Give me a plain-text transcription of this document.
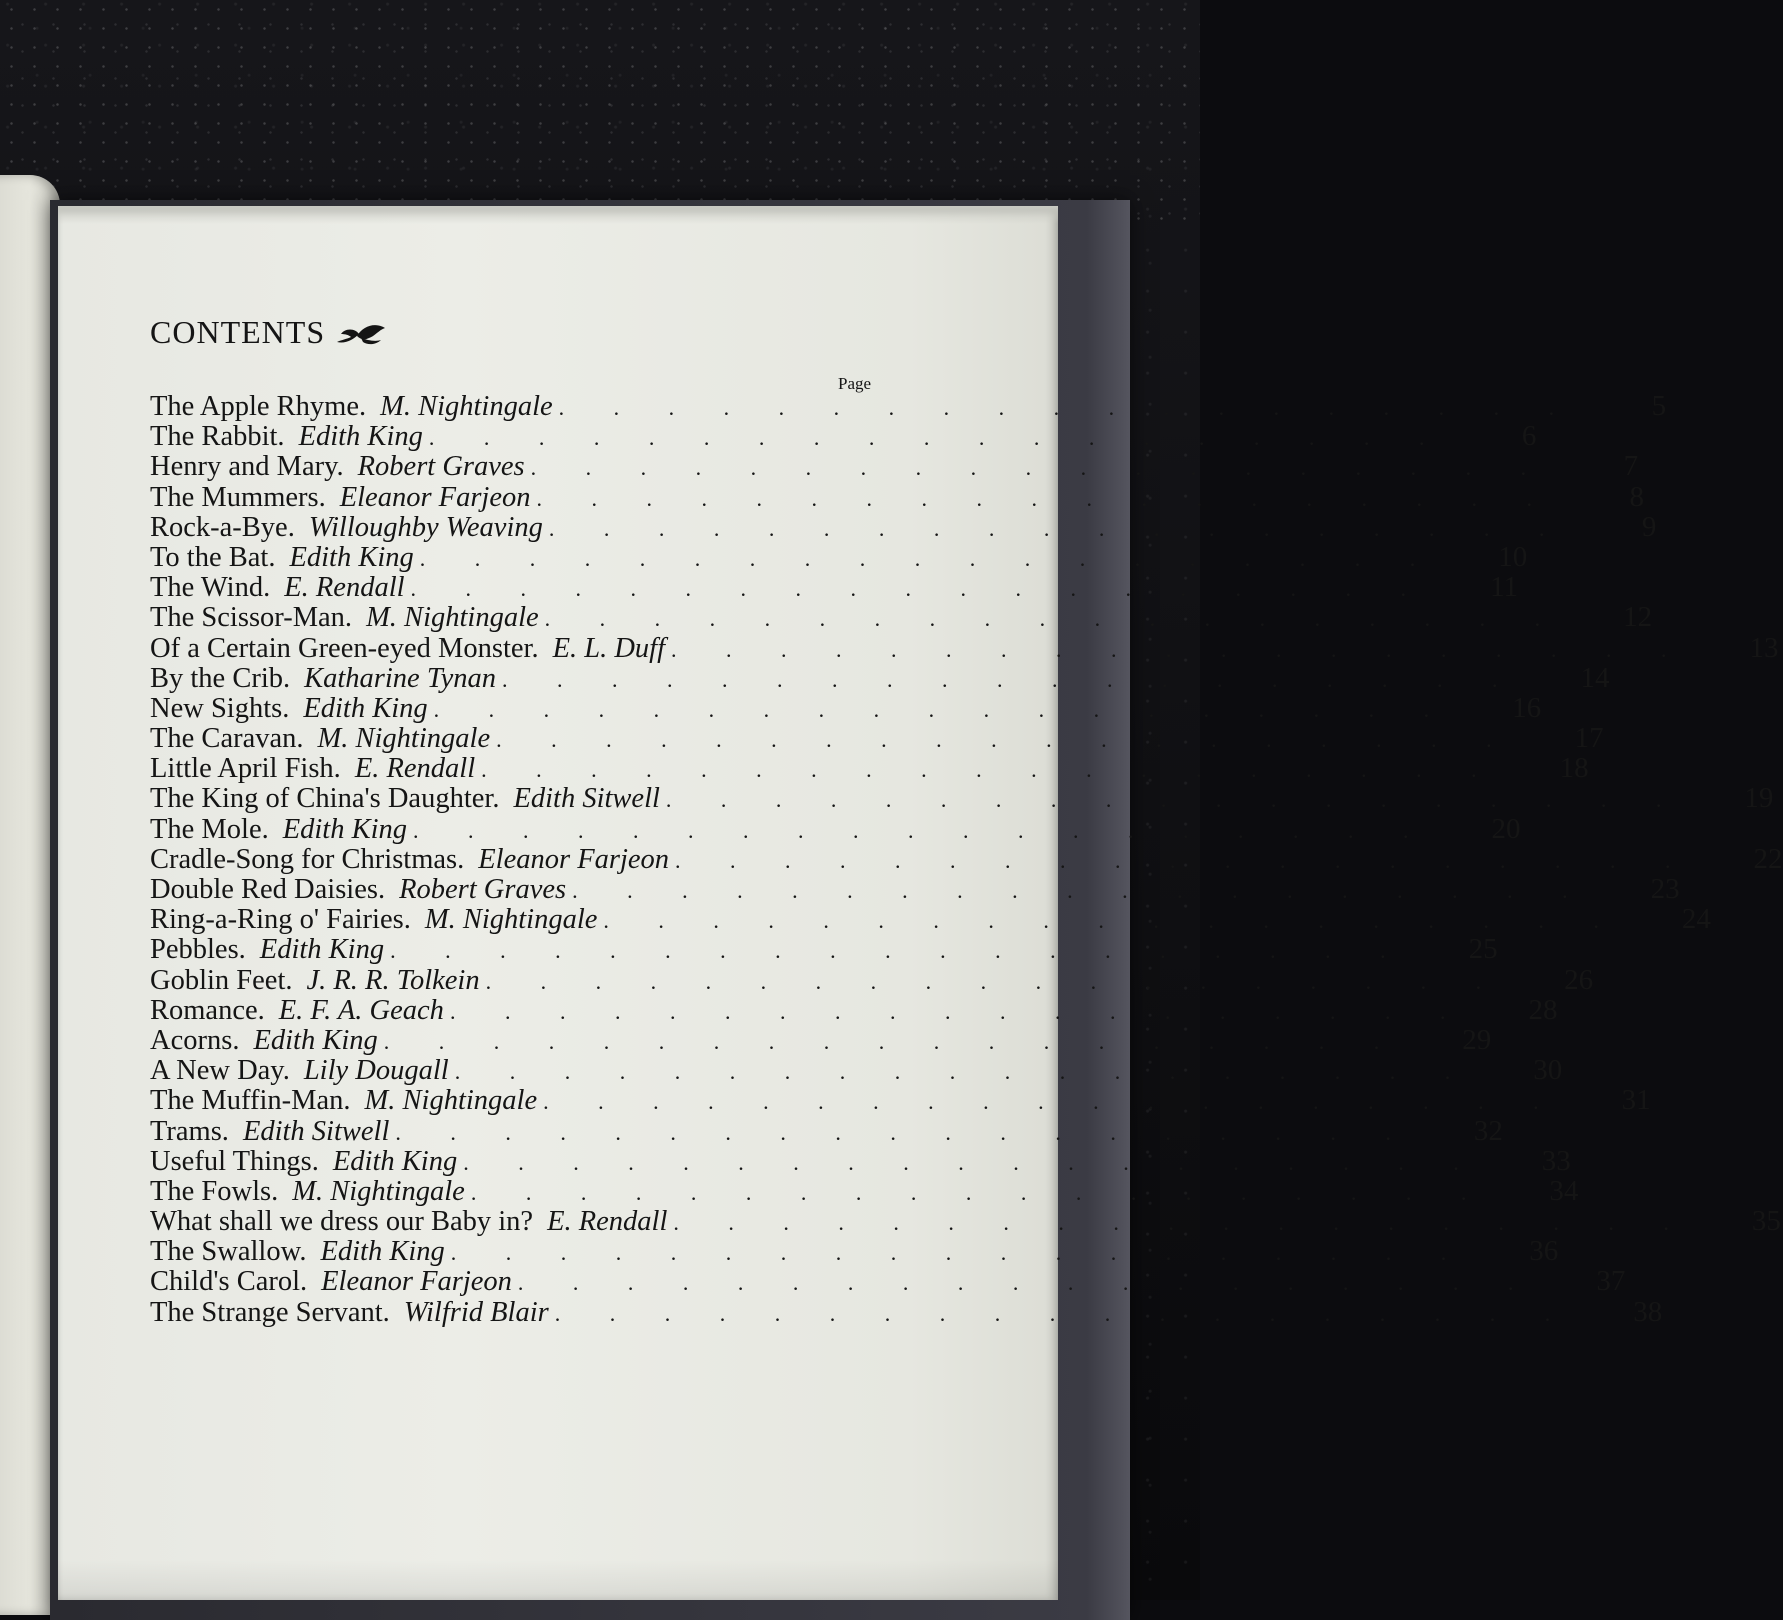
CONTENTS
Page
The Apple Rhyme. M. Nightingale . . . . . . . . . . . . . . . . . . .	5
The Rabbit. Edith King . . . . . . . . . . . . . . . . . . .	6
Henry and Mary. Robert Graves . . . . . . . . . . . . . . . . . . .	7
The Mummers. Eleanor Farjeon . . . . . . . . . . . . . . . . . . .	8
Rock-a-Bye. Willoughby Weaving . . . . . . . . . . . . . . . . . . .	9
To the Bat. Edith King . . . . . . . . . . . . . . . . . . .	10
The Wind. E. Rendall . . . . . . . . . . . . . . . . . . .	11
The Scissor-Man. M. Nightingale . . . . . . . . . . . . . . . . . . .	12
Of a Certain Green-eyed Monster. E. L. Duff . . . . . . . . . . . . . . . . . . .	13
By the Crib. Katharine Tynan . . . . . . . . . . . . . . . . . . .	14
New Sights. Edith King . . . . . . . . . . . . . . . . . . .	16
The Caravan. M. Nightingale . . . . . . . . . . . . . . . . . . .	17
Little April Fish. E. Rendall . . . . . . . . . . . . . . . . . . .	18
The King of China's Daughter. Edith Sitwell . . . . . . . . . . . . . . . . . . .	19
The Mole. Edith King . . . . . . . . . . . . . . . . . . .	20
Cradle-Song for Christmas. Eleanor Farjeon . . . . . . . . . . . . . . . . . . .	22
Double Red Daisies. Robert Graves . . . . . . . . . . . . . . . . . . .	23
Ring-a-Ring o' Fairies. M. Nightingale . . . . . . . . . . . . . . . . . . .	24
Pebbles. Edith King . . . . . . . . . . . . . . . . . . .	25
Goblin Feet. J. R. R. Tolkein . . . . . . . . . . . . . . . . . . .	26
Romance. E. F. A. Geach . . . . . . . . . . . . . . . . . . .	28
Acorns. Edith King . . . . . . . . . . . . . . . . . . .	29
A New Day. Lily Dougall . . . . . . . . . . . . . . . . . . .	30
The Muffin-Man. M. Nightingale . . . . . . . . . . . . . . . . . . .	31
Trams. Edith Sitwell . . . . . . . . . . . . . . . . . . .	32
Useful Things. Edith King . . . . . . . . . . . . . . . . . . .	33
The Fowls. M. Nightingale . . . . . . . . . . . . . . . . . . .	34
What shall we dress our Baby in? E. Rendall . . . . . . . . . . . . . . . . . . .	35
The Swallow. Edith King . . . . . . . . . . . . . . . . . . .	36
Child's Carol. Eleanor Farjeon . . . . . . . . . . . . . . . . . . .	37
The Strange Servant. Wilfrid Blair . . . . . . . . . . . . . . . . . . .	38
